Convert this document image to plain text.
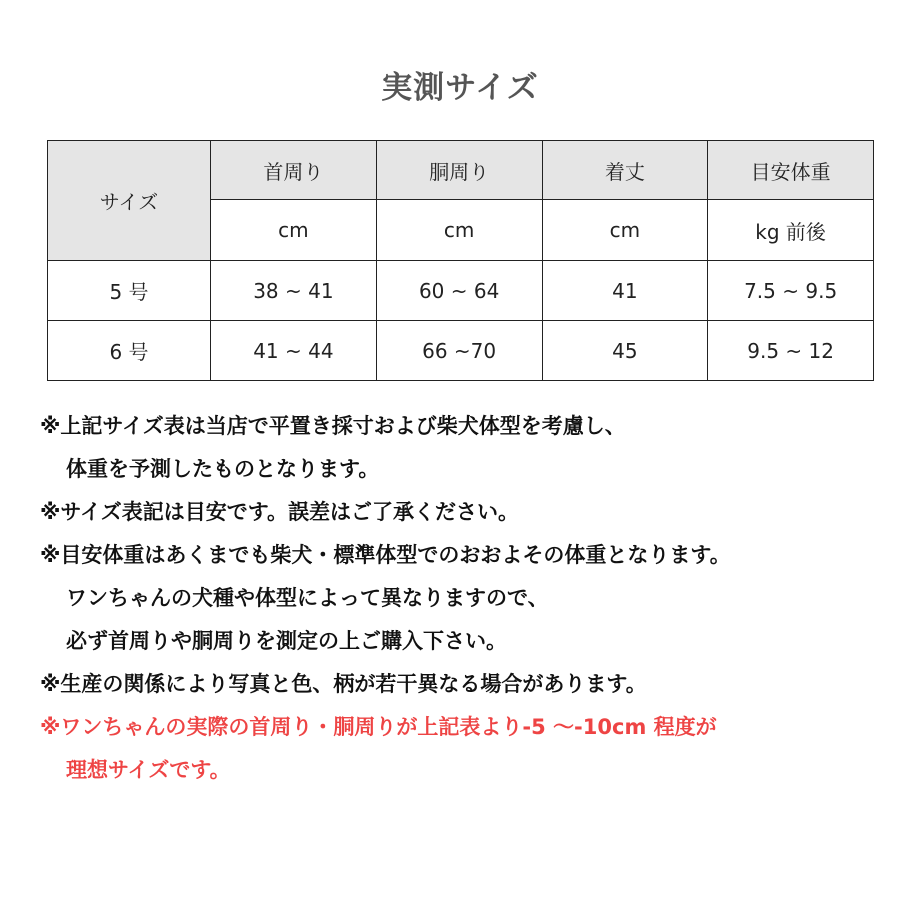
実測サイズ
サイズ	首周り	胴周り	着丈	目安体重
	cm	cm	cm	kg 前後
5 号	38 ~ 41	60 ~ 64	41	7.5 ~ 9.5
6 号	41 ~ 44	66 ~70	45	9.5 ~ 12
※上記サイズ表は当店で平置き採寸および柴犬体型を考慮し、
体重を予測したものとなります。
※サイズ表記は目安です。誤差はご了承ください。
※目安体重はあくまでも柴犬・標準体型でのおおよその体重となります。
ワンちゃんの犬種や体型によって異なりますので、
必ず首周りや胴周りを測定の上ご購入下さい。
※生産の関係により写真と色、柄が若干異なる場合があります。
※ワンちゃんの実際の首周り・胴周りが上記表より-5 ～-10cm 程度が
理想サイズです。
